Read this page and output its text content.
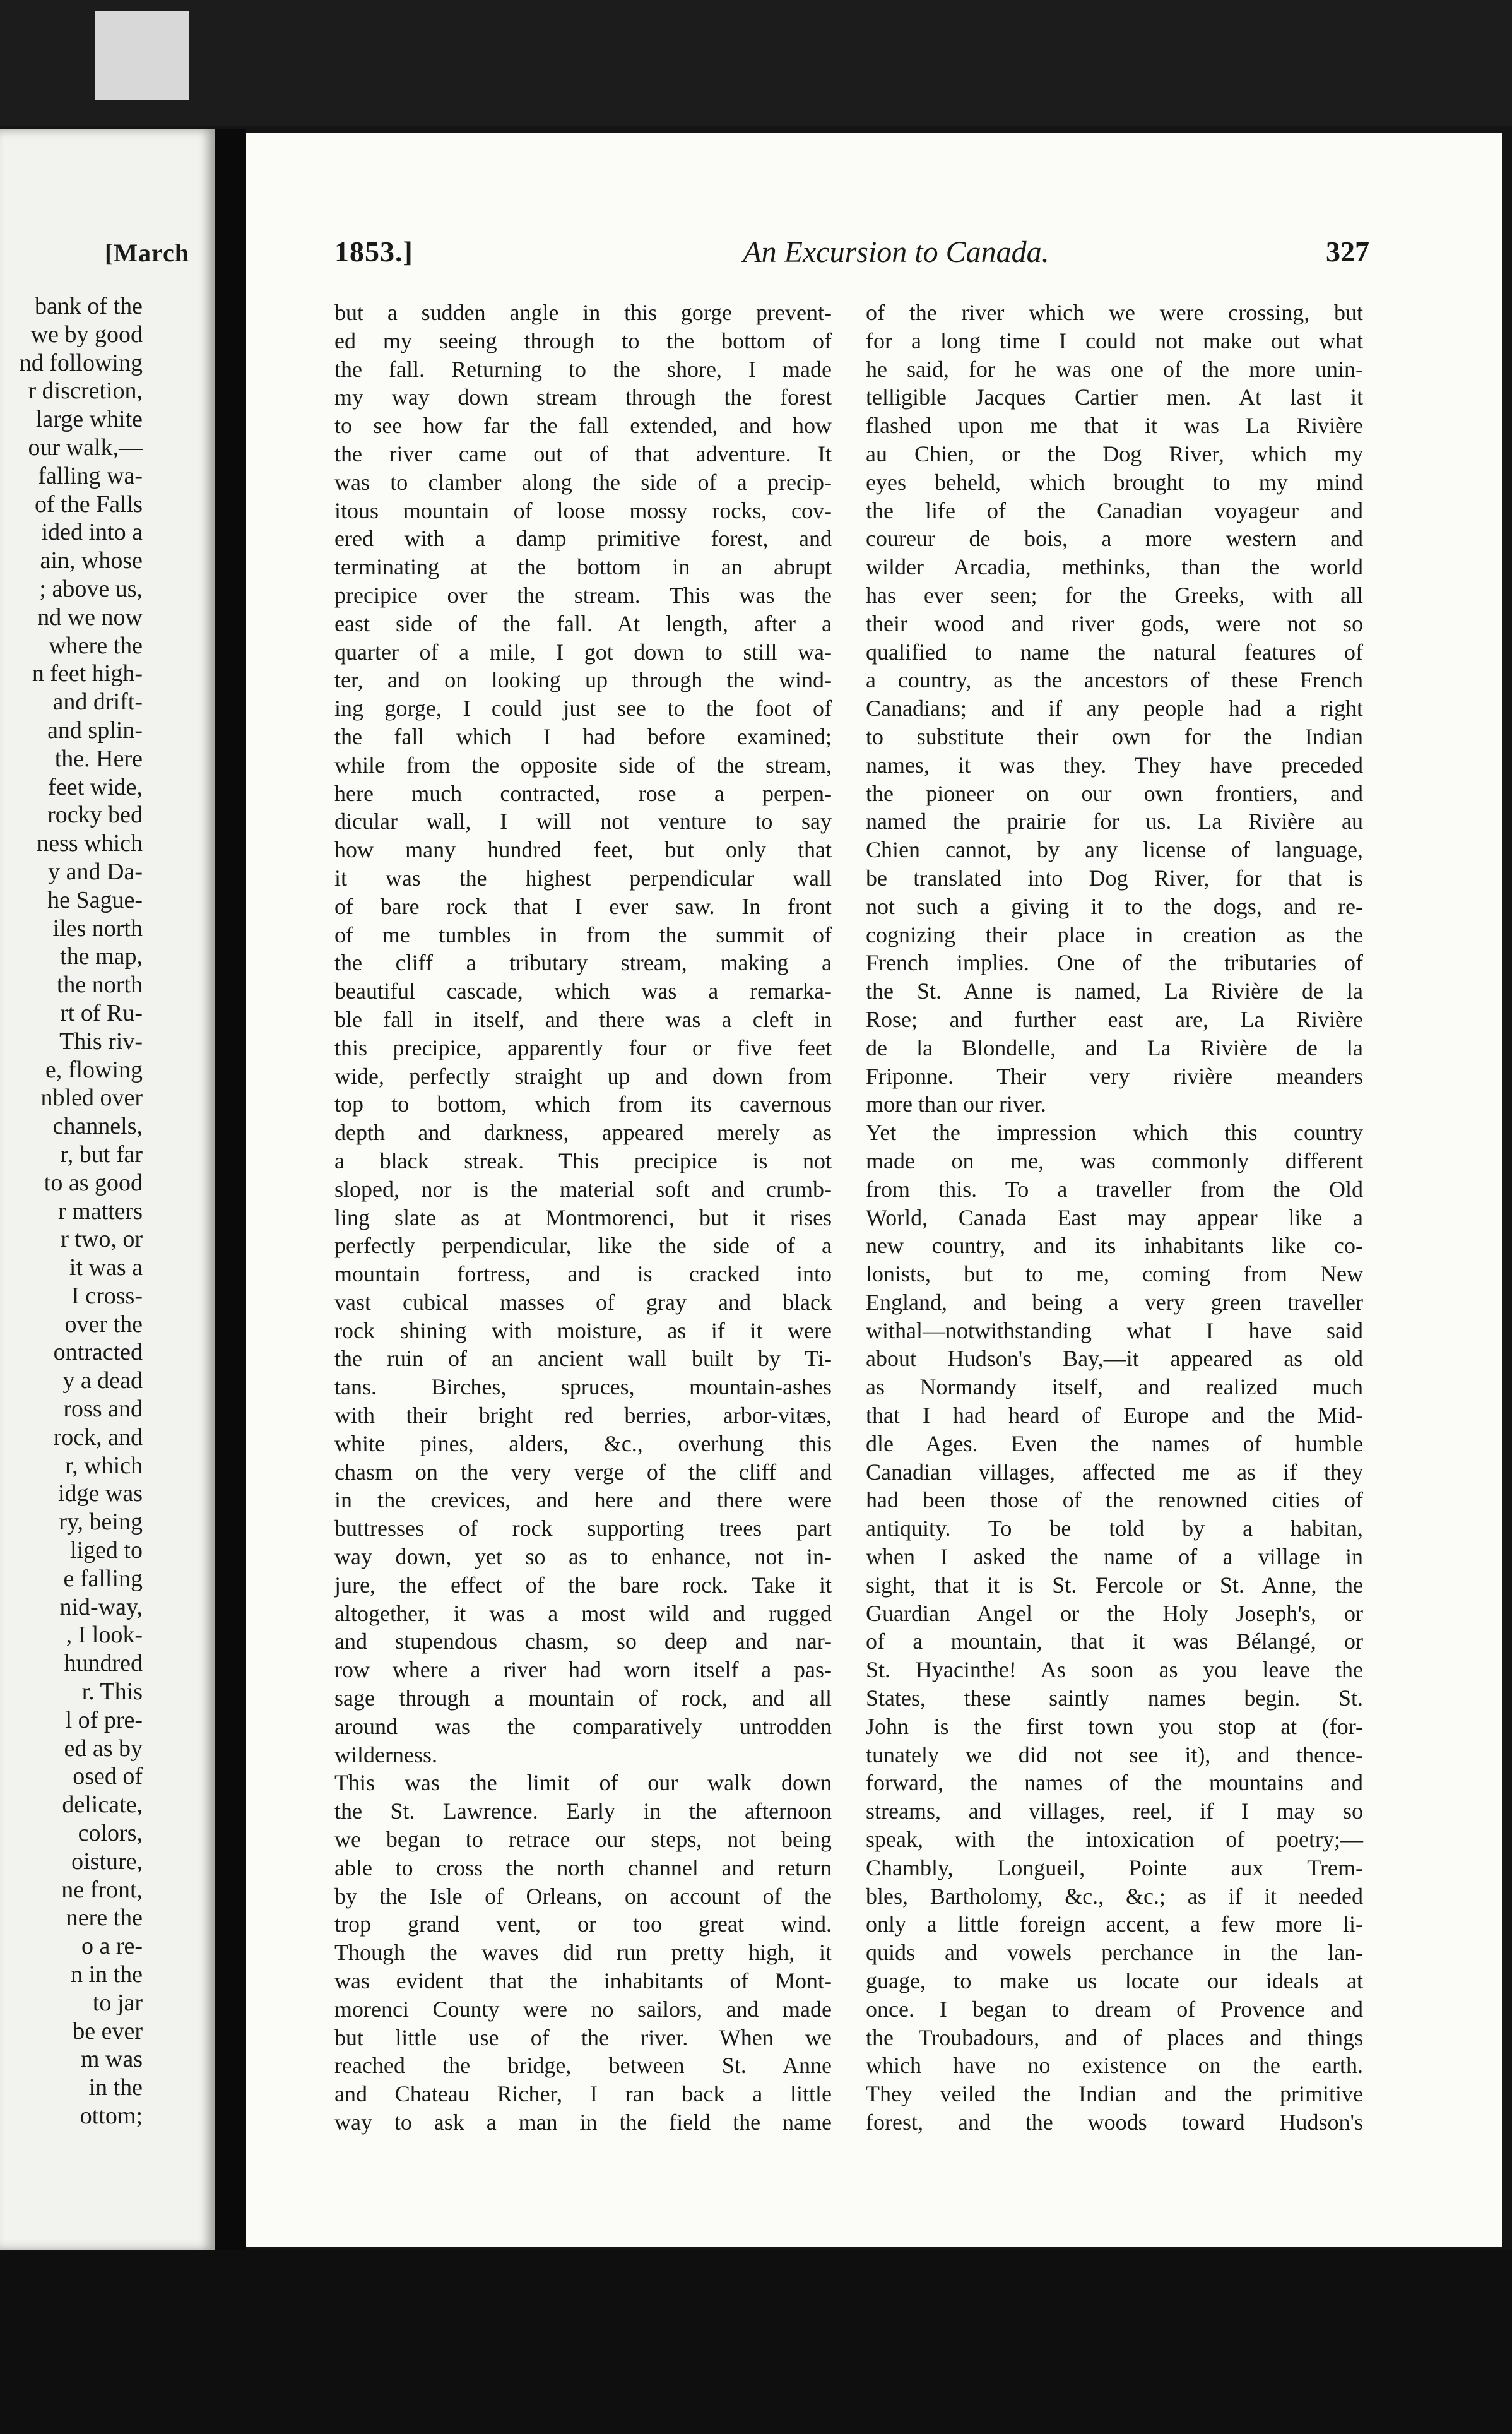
[March
bank of the
we by good
nd following
r discretion,
large white
our walk,—
falling wa-
of the Falls
ided into a
ain, whose
; above us,
nd we now
where the
n feet high-
and drift-
and splin-
the. Here
feet wide,
rocky bed
ness which
y and Da-
he Sague-
iles north
the map,
the north
rt of Ru-
This riv-
e, flowing
nbled over
channels,
r, but far
to as good
r matters
r two, or
it was a
I cross-
over the
ontracted
y a dead
ross and
rock, and
r, which
idge was
ry, being
liged to
e falling
nid-way,
, I look-
hundred
r. This
l of pre-
ed as by
osed of
delicate,
colors,
oisture,
ne front,
nere the
o a re-
n in the
to jar
be ever
m was
in the
ottom;
1853.]	An Excursion to Canada.	327
but a sudden angle in this gorge prevent-
ed my seeing through to the bottom of
the fall. Returning to the shore, I made
my way down stream through the forest
to see how far the fall extended, and how
the river came out of that adventure. It
was to clamber along the side of a precip-
itous mountain of loose mossy rocks, cov-
ered with a damp primitive forest, and
terminating at the bottom in an abrupt
precipice over the stream. This was the
east side of the fall. At length, after a
quarter of a mile, I got down to still wa-
ter, and on looking up through the wind-
ing gorge, I could just see to the foot of
the fall which I had before examined;
while from the opposite side of the stream,
here much contracted, rose a perpen-
dicular wall, I will not venture to say
how many hundred feet, but only that
it was the highest perpendicular wall
of bare rock that I ever saw. In front
of me tumbles in from the summit of
the cliff a tributary stream, making a
beautiful cascade, which was a remarka-
ble fall in itself, and there was a cleft in
this precipice, apparently four or five feet
wide, perfectly straight up and down from
top to bottom, which from its cavernous
depth and darkness, appeared merely as
a black streak. This precipice is not
sloped, nor is the material soft and crumb-
ling slate as at Montmorenci, but it rises
perfectly perpendicular, like the side of a
mountain fortress, and is cracked into
vast cubical masses of gray and black
rock shining with moisture, as if it were
the ruin of an ancient wall built by Ti-
tans. Birches, spruces, mountain-ashes
with their bright red berries, arbor-vitæs,
white pines, alders, &c., overhung this
chasm on the very verge of the cliff and
in the crevices, and here and there were
buttresses of rock supporting trees part
way down, yet so as to enhance, not in-
jure, the effect of the bare rock. Take it
altogether, it was a most wild and rugged
and stupendous chasm, so deep and nar-
row where a river had worn itself a pas-
sage through a mountain of rock, and all
around was the comparatively untrodden
wilderness.
This was the limit of our walk down
the St. Lawrence. Early in the afternoon
we began to retrace our steps, not being
able to cross the north channel and return
by the Isle of Orleans, on account of the
trop grand vent, or too great wind.
Though the waves did run pretty high, it
was evident that the inhabitants of Mont-
morenci County were no sailors, and made
but little use of the river. When we
reached the bridge, between St. Anne
and Chateau Richer, I ran back a little
way to ask a man in the field the name
of the river which we were crossing, but
for a long time I could not make out what
he said, for he was one of the more unin-
telligible Jacques Cartier men. At last it
flashed upon me that it was La Rivière
au Chien, or the Dog River, which my
eyes beheld, which brought to my mind
the life of the Canadian voyageur and
coureur de bois, a more western and
wilder Arcadia, methinks, than the world
has ever seen; for the Greeks, with all
their wood and river gods, were not so
qualified to name the natural features of
a country, as the ancestors of these French
Canadians; and if any people had a right
to substitute their own for the Indian
names, it was they. They have preceded
the pioneer on our own frontiers, and
named the prairie for us. La Rivière au
Chien cannot, by any license of language,
be translated into Dog River, for that is
not such a giving it to the dogs, and re-
cognizing their place in creation as the
French implies. One of the tributaries of
the St. Anne is named, La Rivière de la
Rose; and further east are, La Rivière
de la Blondelle, and La Rivière de la
Friponne. Their very rivière meanders
more than our river.
Yet the impression which this country
made on me, was commonly different
from this. To a traveller from the Old
World, Canada East may appear like a
new country, and its inhabitants like co-
lonists, but to me, coming from New
England, and being a very green traveller
withal—notwithstanding what I have said
about Hudson's Bay,—it appeared as old
as Normandy itself, and realized much
that I had heard of Europe and the Mid-
dle Ages. Even the names of humble
Canadian villages, affected me as if they
had been those of the renowned cities of
antiquity. To be told by a habitan,
when I asked the name of a village in
sight, that it is St. Fercole or St. Anne, the
Guardian Angel or the Holy Joseph's, or
of a mountain, that it was Bélangé, or
St. Hyacinthe! As soon as you leave the
States, these saintly names begin. St.
John is the first town you stop at (for-
tunately we did not see it), and thence-
forward, the names of the mountains and
streams, and villages, reel, if I may so
speak, with the intoxication of poetry;—
Chambly, Longueil, Pointe aux Trem-
bles, Bartholomy, &c., &c.; as if it needed
only a little foreign accent, a few more li-
quids and vowels perchance in the lan-
guage, to make us locate our ideals at
once. I began to dream of Provence and
the Troubadours, and of places and things
which have no existence on the earth.
They veiled the Indian and the primitive
forest, and the woods toward Hudson's
